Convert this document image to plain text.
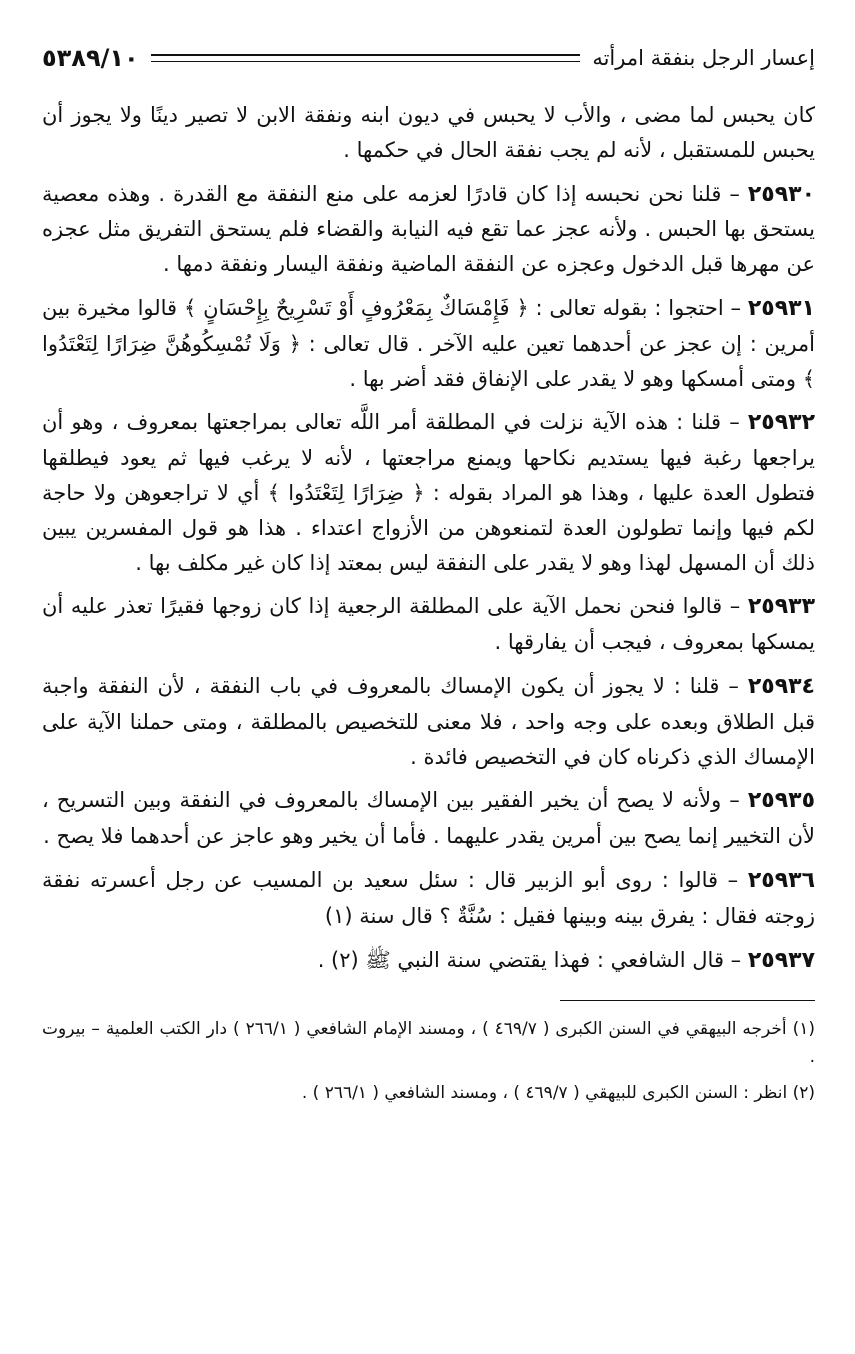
إعسار الرجل بنفقة امرأته
٥٣٨٩/١٠

كان يحبس لما مضى ، والأب لا يحبس في ديون ابنه ونفقة الابن لا تصير دينًا ولا يجوز أن يحبس للمستقبل ، لأنه لم يجب نفقة الحال في حكمها .

٢٥٩٣٠ – قلنا نحن نحبسه إذا كان قادرًا لعزمه على منع النفقة مع القدرة . وهذه معصية يستحق بها الحبس . ولأنه عجز عما تقع فيه النيابة والقضاء فلم يستحق التفريق مثل عجزه عن مهرها قبل الدخول وعجزه عن النفقة الماضية ونفقة اليسار ونفقة دمها .

٢٥٩٣١ – احتجوا : بقوله تعالى : ﴿ فَإِمْسَاكٌ بِمَعْرُوفٍ أَوْ تَسْرِيحٌ بِإِحْسَانٍ ﴾ قالوا مخيرة بين أمرين : إن عجز عن أحدهما تعين عليه الآخر . قال تعالى : ﴿ وَلَا تُمْسِكُوهُنَّ ضِرَارًا لِتَعْتَدُوا ﴾ ومتى أمسكها وهو لا يقدر على الإنفاق فقد أضر بها .

٢٥٩٣٢ – قلنا : هذه الآية نزلت في المطلقة أمر اللَّه تعالى بمراجعتها بمعروف ، وهو أن يراجعها رغبة فيها يستديم نكاحها ويمنع مراجعتها ، لأنه لا يرغب فيها ثم يعود فيطلقها فتطول العدة عليها ، وهذا هو المراد بقوله : ﴿ ضِرَارًا لِتَعْتَدُوا ﴾ أي لا تراجعوهن ولا حاجة لكم فيها وإنما تطولون العدة لتمنعوهن من الأزواج اعتداء . هذا هو قول المفسرين يبين ذلك أن المسهل لهذا وهو لا يقدر على النفقة ليس بمعتد إذا كان غير مكلف بها .

٢٥٩٣٣ – قالوا فنحن نحمل الآية على المطلقة الرجعية إذا كان زوجها فقيرًا تعذر عليه أن يمسكها بمعروف ، فيجب أن يفارقها .

٢٥٩٣٤ – قلنا : لا يجوز أن يكون الإمساك بالمعروف في باب النفقة ، لأن النفقة واجبة قبل الطلاق وبعده على وجه واحد ، فلا معنى للتخصيص بالمطلقة ، ومتى حملنا الآية على الإمساك الذي ذكرناه كان في التخصيص فائدة .

٢٥٩٣٥ – ولأنه لا يصح أن يخير الفقير بين الإمساك بالمعروف في النفقة وبين التسريح ، لأن التخيير إنما يصح بين أمرين يقدر عليهما . فأما أن يخير وهو عاجز عن أحدهما فلا يصح .

٢٥٩٣٦ – قالوا : روى أبو الزبير قال : سئل سعيد بن المسيب عن رجل أعسرته نفقة زوجته فقال : يفرق بينه وبينها فقيل : سُنَّةٌ ؟ قال سنة (١)

٢٥٩٣٧ – قال الشافعي : فهذا يقتضي سنة النبي ﷺ (٢) .

(١) أخرجه البيهقي في السنن الكبرى ( ٤٦٩/٧ ) ، ومسند الإمام الشافعي ( ٢٦٦/١ ) دار الكتب العلمية – بيروت .

(٢) انظر : السنن الكبرى للبيهقي ( ٤٦٩/٧ ) ، ومسند الشافعي ( ٢٦٦/١ ) .
